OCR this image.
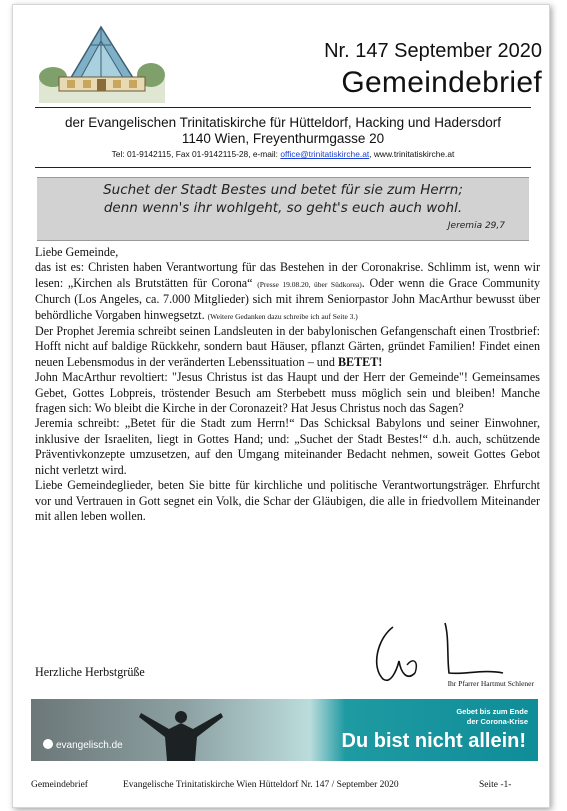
Nr. 147 September 2020
Gemeindebrief
der Evangelischen Trinitatiskirche für Hütteldorf, Hacking und Hadersdorf
1140 Wien, Freyenthurmgasse 20
Tel: 01-9142115, Fax 01-9142115-28, e-mail: office@trinitatiskirche.at, www.trinitatiskirche.at
Suchet der Stadt Bestes und betet für sie zum Herrn;
denn wenn's ihr wohlgeht, so geht's euch auch wohl.
Jeremia 29,7

Liebe Gemeinde,

das ist es: Christen haben Verantwortung für das Bestehen in der Coronakrise. Schlimm ist, wenn wir lesen: „Kirchen als Brutstätten für Corona“ (Presse 19.08.20, über Südkorea). Oder wenn die Grace Community Church (Los Angeles, ca. 7.000 Mitglieder) sich mit ihrem Seniorpastor John MacArthur bewusst über behördliche Vorgaben hinwegsetzt. (Weitere Gedanken dazu schreibe ich auf Seite 3.)

Der Prophet Jeremia schreibt seinen Landsleuten in der babylonischen Gefangenschaft einen Trostbrief: Hofft nicht auf baldige Rückkehr, sondern baut Häuser, pflanzt Gärten, gründet Familien! Findet einen neuen Lebensmodus in der veränderten Lebenssituation – und BETET!

John MacArthur revoltiert: "Jesus Christus ist das Haupt und der Herr der Gemeinde"! Gemeinsames Gebet, Gottes Lobpreis, tröstender Besuch am Sterbebett muss möglich sein und bleiben! Manche fragen sich: Wo bleibt die Kirche in der Coronazeit? Hat Jesus Christus noch das Sagen?

Jeremia schreibt: „Betet für die Stadt zum Herrn!“ Das Schicksal Babylons und seiner Einwohner, inklusive der Israeliten, liegt in Gottes Hand; und: „Suchet der Stadt Bestes!“ d.h. auch, schützende Präventivkonzepte umzusetzen, auf den Umgang miteinander Bedacht nehmen, soweit Gottes Gebot nicht verletzt wird.

Liebe Gemeindeglieder, beten Sie bitte für kirchliche und politische Verantwortungsträger. Ehrfurcht vor und Vertrauen in Gott segnet ein Volk, die Schar der Gläubigen, die alle in friedvollem Miteinander mit allen leben wollen.

Herzliche Herbstgrüße
Ihr Pfarrer Hartmut Schlener
evangelisch.de
Gebet bis zum Ende
der Corona-Krise
Du bist nicht allein!
Gemeindebrief	Evangelische Trinitatiskirche Wien Hütteldorf Nr. 147 / September 2020	Seite -1-
